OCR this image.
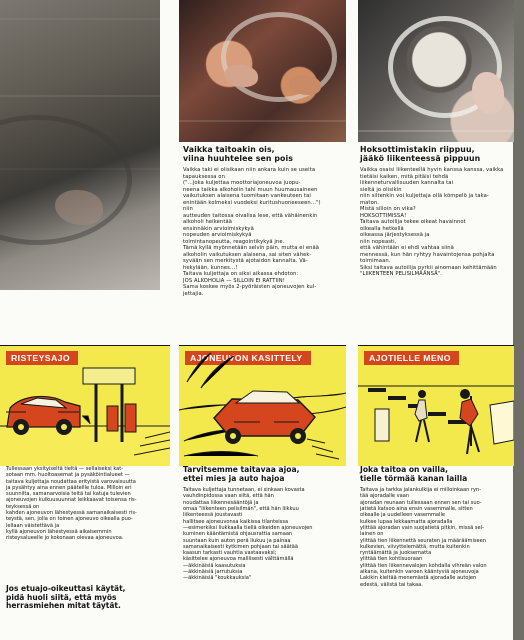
Vaikka taitoakin ois,
viina huuhtelee sen pois
Vaikka taki ei olisikaan niin ankara kuin se useita
tapauksessa on
("...joka kuljettaa moottoriajoneuvoa juopu-
neena taikka alkoholin tahi muun huumausaineen
vaikutuksen alaisena tuomitaan vankeuteen tai
enintään kolmeksi vuodeksi kuritushuoneeseen...")
niin
autteuden taitossa oivalisa lese, että vähäinenkin
alkoholi heikentää
ensinnäkin arvioimiskykyä
nopeuden arvioimiskykyä
toimintanopeutta, reagointikykyä jne.
Tämä kyllä myönnetään selvin päin, mutta ei enää
alkoholin vaikutuksen alaisena, sai siten vähek-
syvään sen merkitystä ajotaidon kannalta. Vä-
hekylään, kunnes...!
Taitava kuljettaja on siksi aikassa ehdoton:
JOS ALKOHOLIA — SILLOIN EI RATTIIN!
Sama koskee myös 2-pyöräisten ajoneuvojen kul-
jettajia.
Hoksottimistakin riippuu,
jääkö liikenteessä pippuun
Vaikka osaisi liikenteellä hyvin kanssa kanssa, vaikka
tietäisi kaiken, mitä pitäisi tehdä
liikenneturvallisuuden kannalta tai
sieltä jo olisikin
niin siltenkin voi kuljettaja ollä kömpelö ja taka-
maton.
Mistä silloin on vika?
HOKSOTTIMISSA!
Taitava autoilija tekee oikeat havainnot
oikealla hetkellä
oikeassa järjestyksessä ja
niin nopeasti,
että vähintään ei ehdi vahtaa siinä
mennessä, kun hän ryhtyy havaintojensa pohjalta
toimimaan.
Siksi taitava autoilija pyrkii ainomaan kehittämään
"LIIKENTEEN PELISILMÄÄNSÄ".
RISTEYSAJO	AJONEUVON KASITTELY	AJOTIELLE MENO
Tullessaan yksityiseltä tieltä — sellaiseksi kat-
sotaan mm. huoltoasemat ja pysäköintialueet —
taitava kuljettaja noudattaa erityistä varovaisuutta
ja pysähtyy aina ennen pääteille tuloa. Milloin eri
suunnilta, samanarvoisia teitä tai katuja tulevien
ajoneuvojen kulkuusuunnat leikkaavat toisensa ris-
teyksessä on
kahden ajoneuvon lähestyessä samanaikaisesti ris-
teystä, sen, jolla on toinen ajoneuvo oikealla puo-
lellaan väistettävä ja
kyllä ajoneuvon lähestyessä aikaisemmin
risteysalueelle jo kokonaan olevaa ajoneuvoa.
Jos etuajo-oikeuttasi käytät,
pidä huoli siitä, että myös
herrasmiehen mitat täytät.
Tarvitsemme taitavaa ajoa,
ettei mies ja auto hajoa
Taitava kuljettaja tunnetaan, ei sinkaan kovasta
vauhdinpidossa vaan siitä, että hän
noudattaa liikennesääntöjä ja
omaa "liikenteen pelisilmän", että hän liikkuu
liikenteessä joustavasti
hallitsee ajoneuvonsa kaikissa tilanteissa
—esimerkiksi liukkaalla tiellä oikeiden ajoneuvojen
kuminen kääntämistä ohjausrattia samaan
suuntaan kuin auton perä liukuu ja painaa
samanaikaisesti kytkimen pohjaan tai säätää
kaasun tarkasti vauhtia vastaavaksi;
käsittelee ajoneuvoa malliisesti välttämällä
—äkkinäisiä kaasutuksia
—äkkinäisiä jarrutuksia
—äkkinäisiä "koukkauksia"
Joka taitoa on vailla,
tielle törmää kanan lailla
Taitava ja tarkka jalankulkija ei milloinkaan ryn-
tää ajoradalle vaan
ajoradan reunaan tullessaan ennen sen tai suo-
jatietä katsoo aina ensin vasemmalle, sitten
oikealle ja uudelleen vasemmalle
kulkee lupaa lekkaamatta ajoradalla
ylittää ajoradan vain suojatietä pitkin, missä sel-
lainen on
ylittää tien liikennettä seuraten ja määräämiseen
kulkevien, viivyttelemättä, mutta kuitenkin
ryntäämättä ja juoksematta
ylittää tien kohtisuoraan
ylittää tien liikennevalojen kohdalla vihreän valon
aikana, kuitenkin varoen kääntyviä ajoneuvoja
Lakikin kieltää menemästä ajoradalle autojen
edestä, välistä tai takaa.
